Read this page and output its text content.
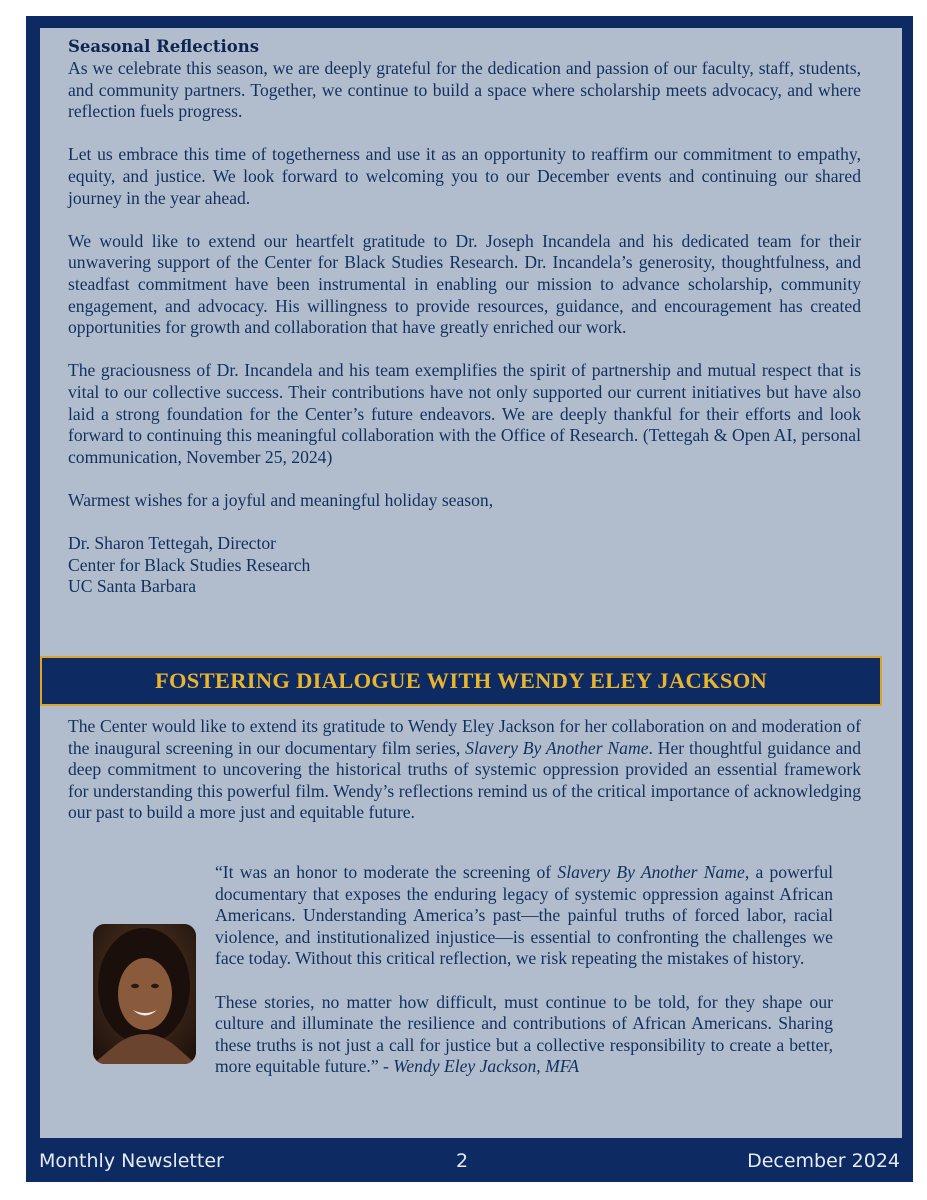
Seasonal Reflections
As we celebrate this season, we are deeply grateful for the dedication and passion of our faculty, staff, students, and community partners. Together, we continue to build a space where scholarship meets advocacy, and where reflection fuels progress.
Let us embrace this time of togetherness and use it as an opportunity to reaffirm our commitment to empathy, equity, and justice. We look forward to welcoming you to our December events and continuing our shared journey in the year ahead.
We would like to extend our heartfelt gratitude to Dr. Joseph Incandela and his dedicated team for their unwavering support of the Center for Black Studies Research. Dr. Incandela’s generosity, thoughtfulness, and steadfast commitment have been instrumental in enabling our mission to advance scholarship, community engagement, and advocacy. His willingness to provide resources, guidance, and encouragement has created opportunities for growth and collaboration that have greatly enriched our work.
The graciousness of Dr. Incandela and his team exemplifies the spirit of partnership and mutual respect that is vital to our collective success. Their contributions have not only supported our current initiatives but have also laid a strong foundation for the Center’s future endeavors. We are deeply thankful for their efforts and look forward to continuing this meaningful collaboration with the Office of Research. (Tettegah & Open AI, personal communication, November 25, 2024)
Warmest wishes for a joyful and meaningful holiday season,
Dr. Sharon Tettegah, Director
Center for Black Studies Research
UC Santa Barbara
FOSTERING DIALOGUE WITH WENDY ELEY JACKSON
The Center would like to extend its gratitude to Wendy Eley Jackson for her collaboration on and moderation of the inaugural screening in our documentary film series, Slavery By Another Name. Her thoughtful guidance and deep commitment to uncovering the historical truths of systemic oppression provided an essential framework for understanding this powerful film. Wendy’s reflections remind us of the critical importance of acknowledging our past to build a more just and equitable future.
“It was an honor to moderate the screening of Slavery By Another Name, a powerful documentary that exposes the enduring legacy of systemic oppression against African Americans. Understanding America’s past—the painful truths of forced labor, racial violence, and institutionalized injustice—is essential to confronting the challenges we face today. Without this critical reflection, we risk repeating the mistakes of history.
These stories, no matter how difficult, must continue to be told, for they shape our culture and illuminate the resilience and contributions of African Americans. Sharing these truths is not just a call for justice but a collective responsibility to create a better, more equitable future.” - Wendy Eley Jackson, MFA
Monthly Newsletter	2	December 2024
